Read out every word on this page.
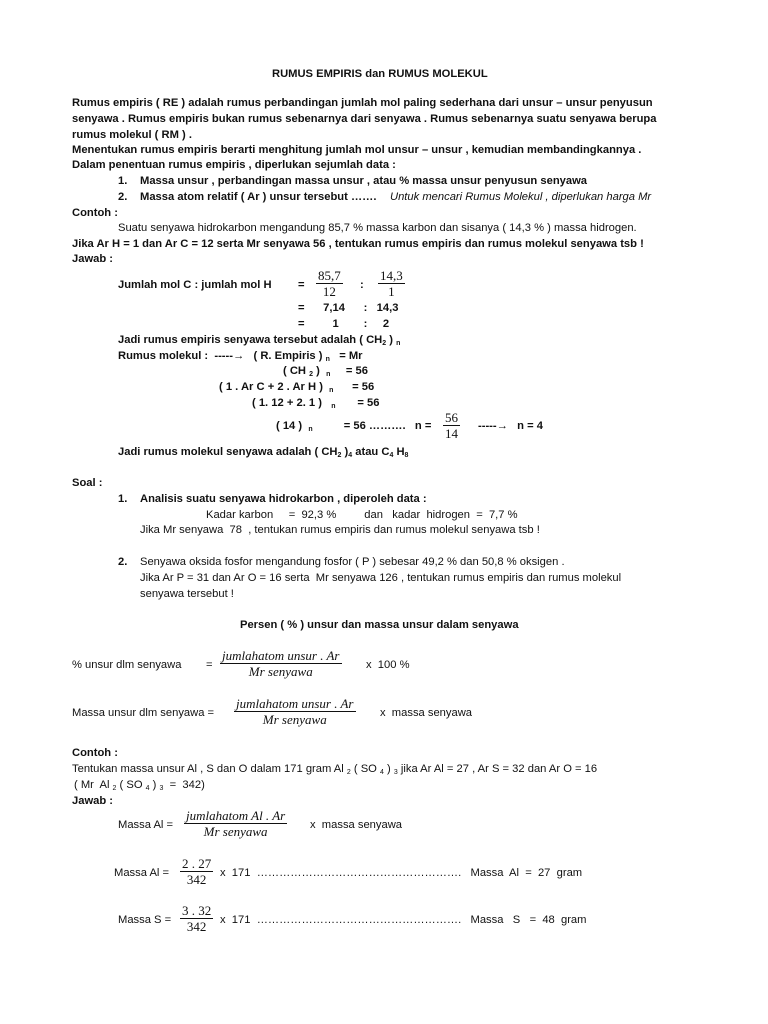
RUMUS EMPIRIS dan RUMUS MOLEKUL
Rumus empiris ( RE ) adalah rumus perbandingan jumlah mol paling sederhana dari unsur – unsur penyusun
senyawa . Rumus empiris bukan rumus sebenarnya dari senyawa . Rumus sebenarnya suatu senyawa berupa
rumus molekul ( RM ) .
Menentukan rumus empiris berarti menghitung jumlah mol unsur – unsur , kemudian membandingkannya .
Dalam penentuan rumus empiris , diperlukan sejumlah data :
1. Massa unsur , perbandingan massa unsur , atau % massa unsur penyusun senyawa
2. Massa atom relatif ( Ar ) unsur tersebut ……. Untuk mencari Rumus Molekul , diperlukan harga Mr
Contoh :
Suatu senyawa hidrokarbon mengandung 85,7 % massa karbon dan sisanya ( 14,3 % ) massa hidrogen.
Jika Ar H = 1 dan Ar C = 12 serta Mr senyawa 56 , tentukan rumus empiris dan rumus molekul senyawa tsb !
Jawab :
Jumlah mol C : jumlah mol H =
85,7
12 :
14,3
1
=      7,14      :   14,3
=         1        :     2
Jadi rumus empiris senyawa tersebut adalah ( $CH_2$ ) $_n$
Rumus molekul :  -----→   ( R. Empiris ) $_n$ = Mr
( CH $_2$ )  $_n$ = 56
( 1 . Ar C + 2 . Ar H ) $_n$ = 56
( 1. 12 + 2. 1 ) $_n$ = 56
( 14 ) $_n$	= 56 ……….   n =
56
14 -----→   n = 4
Jadi rumus molekul senyawa adalah ( $CH_2$ )$_4$ atau $C_4$ $H_8$
Soal :
1. Analisis suatu senyawa hidrokarbon , diperoleh data :
Kadar karbon     =  92,3 %         dan   kadar  hidrogen  =  7,7 %
Jika Mr senyawa  78  , tentukan rumus empiris dan rumus molekul senyawa tsb !
2. Senyawa oksida fosfor mengandung fosfor ( P ) sebesar 49,2 % dan 50,8 % oksigen .
Jika Ar P = 31 dan Ar O = 16 serta  Mr senyawa 126 , tentukan rumus empiris dan rumus molekul
senyawa tersebut !
Persen ( % ) unsur dan massa unsur dalam senyawa
% unsur dlm senyawa =
jumlahatom unsur . Ar
Mr senyawa	x  100 %
Massa unsur dlm senyawa =
jumlahatom unsur . Ar
Mr senyawa	x  massa senyawa
Contoh :
Tentukan massa unsur Al , S dan O dalam 171 gram Al $_2$ ( SO $_4$ ) $_3$ jika Ar Al = 27 , Ar S = 32 dan Ar O = 16
( Mr  Al $_2$ ( SO $_4$ ) $_3$  =  342)
Jawab :
Massa Al =
jumlahatom Al . Ar
Mr senyawa	x  massa senyawa
Massa Al =
2 . 27
342 x  171  ……………………………………………….   Massa  Al  =  27  gram
Massa S =
3 . 32
342 x  171  ……………………………………………….   Massa   S   =  48  gram
